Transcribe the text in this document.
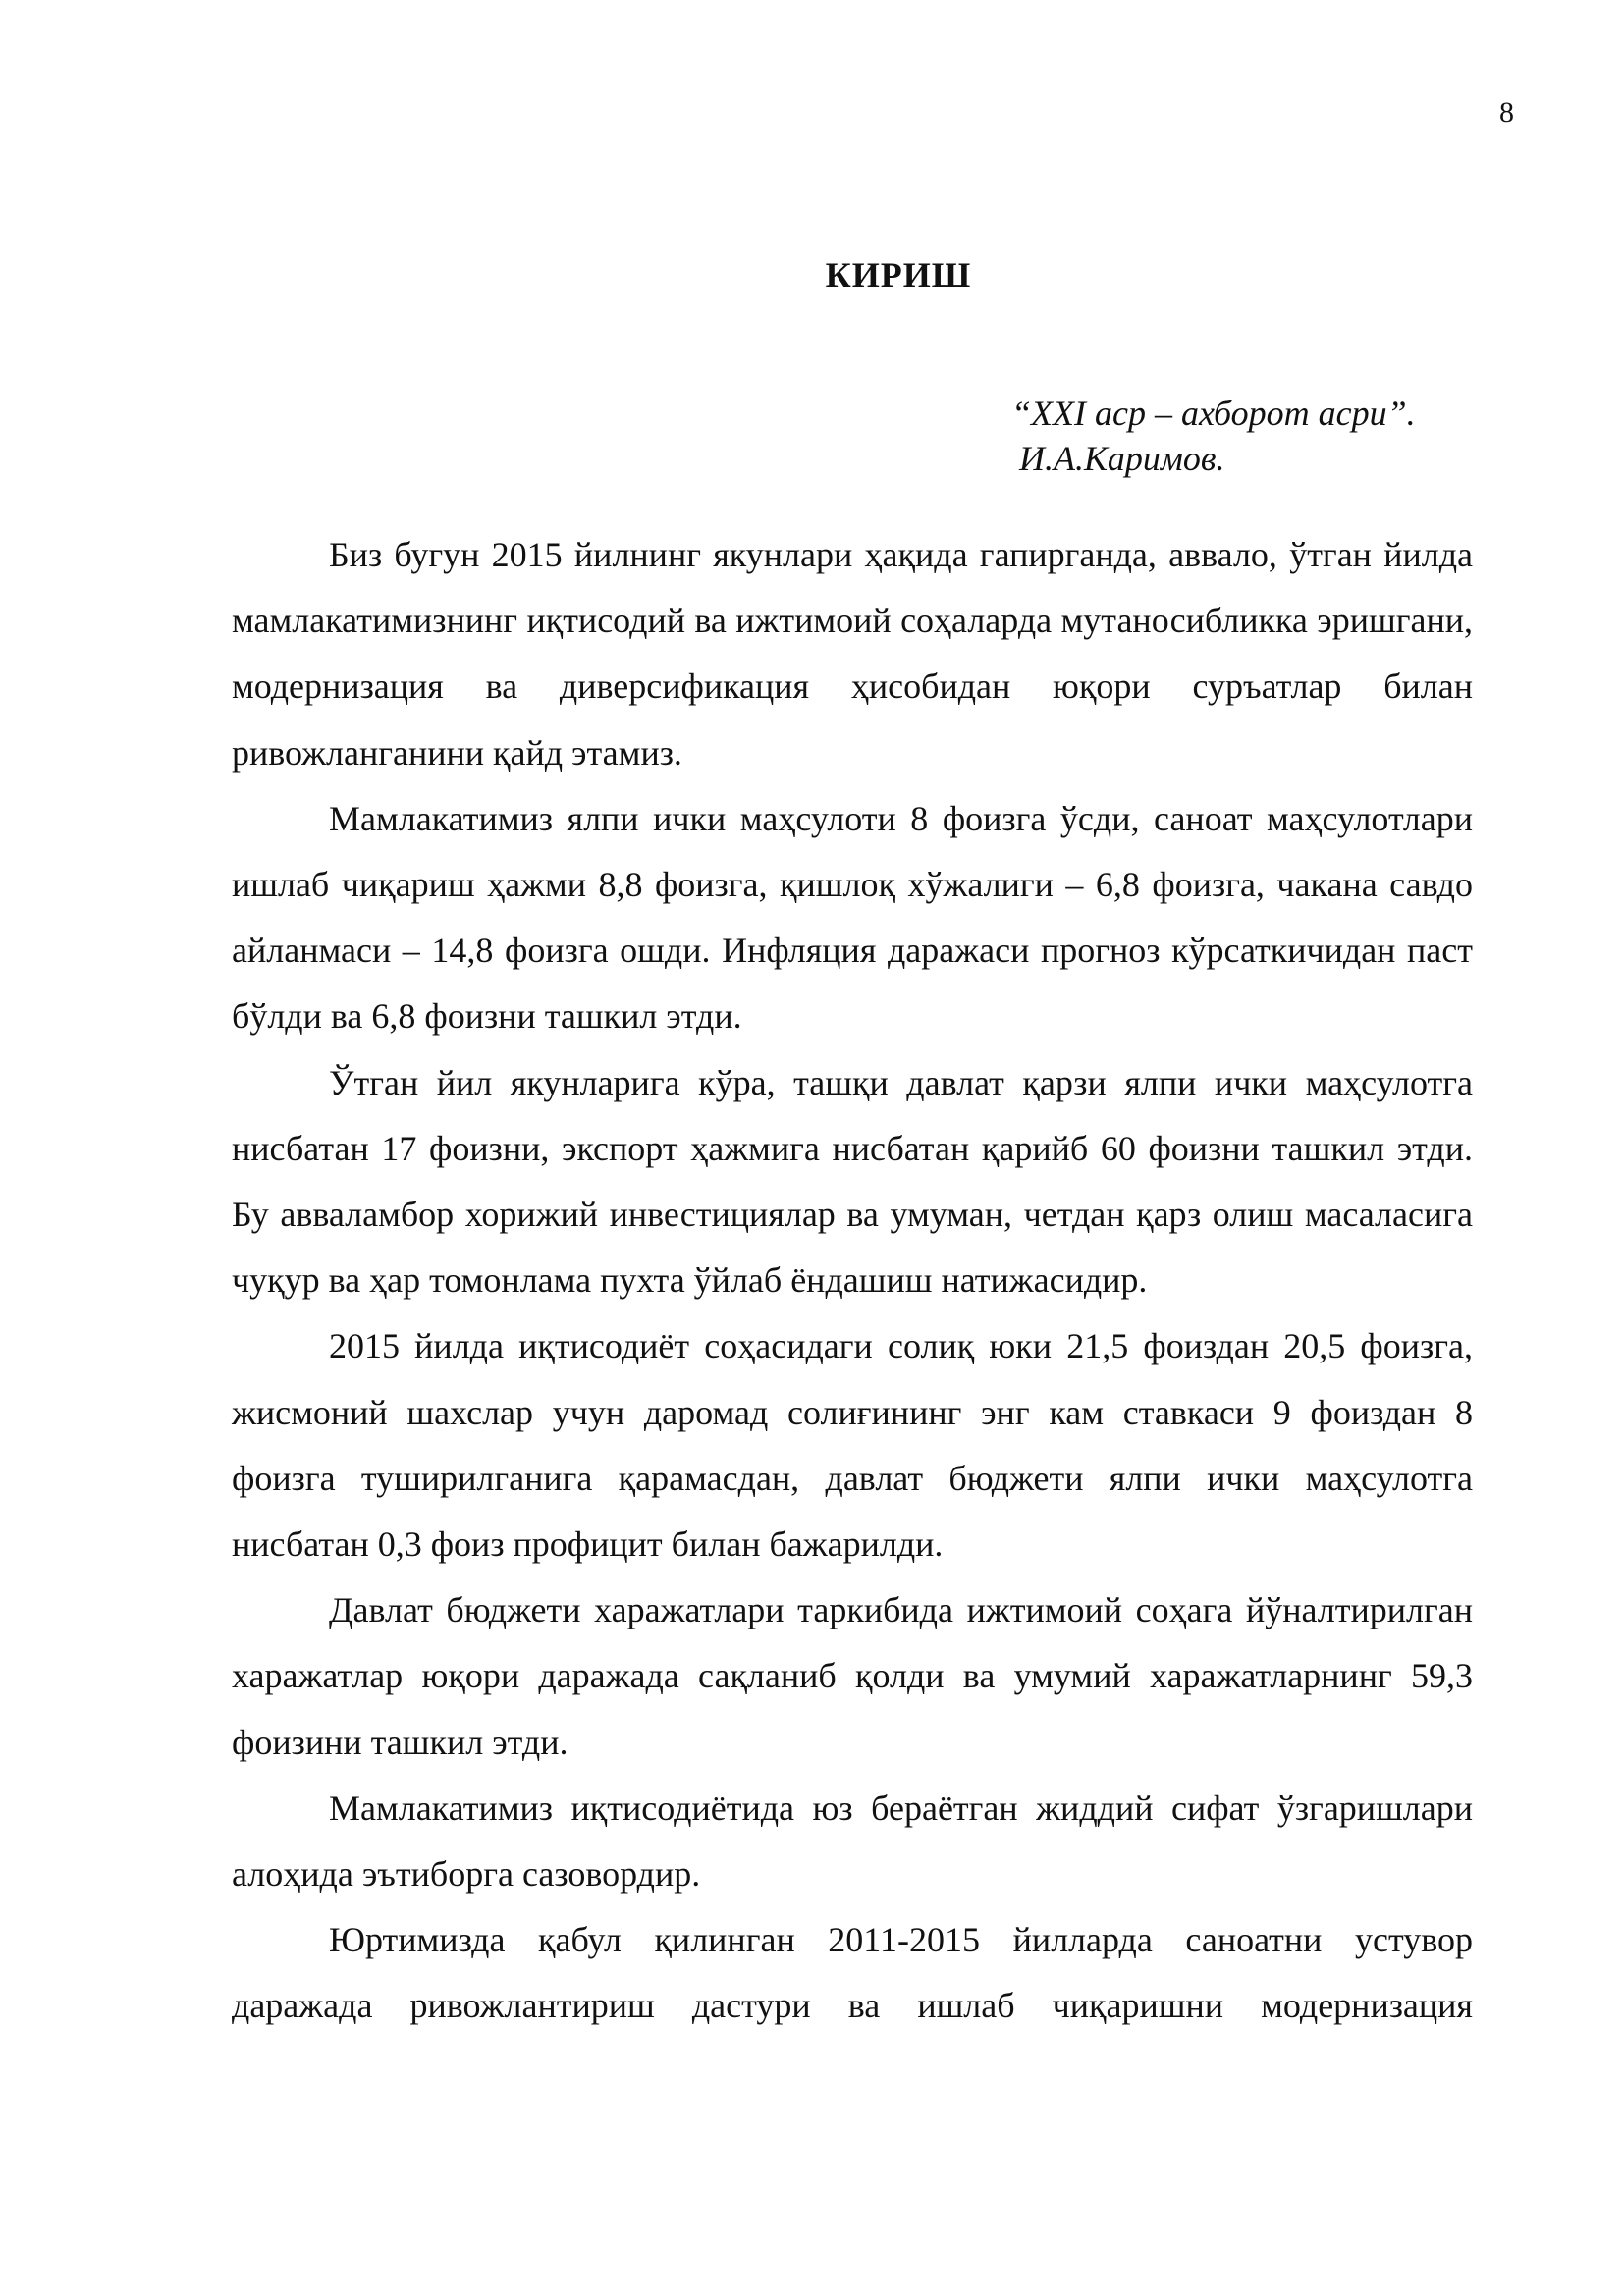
8
КИРИШ
“XXI аср – ахборот асри”.
И.А.Каримов.

Биз бугун 2015 йилнинг якунлари ҳақида гапирганда, аввало, ўтган йилда мамлакатимизнинг иқтисодий ва ижтимоий соҳаларда мутаносибликка эришгани, модернизация ва диверсификация ҳисобидан юқори суръатлар билан ривожланганини қайд этамиз.

Мамлакатимиз ялпи ички маҳсулоти 8 фоизга ўсди, саноат маҳсулотлари ишлаб чиқариш ҳажми 8,8 фоизга, қишлоқ хўжалиги – 6,8 фоизга, чакана савдо айланмаси – 14,8 фоизга ошди. Инфляция даражаси прогноз кўрсаткичидан паст бўлди ва 6,8 фоизни ташкил этди.

Ўтган йил якунларига кўра, ташқи давлат қарзи ялпи ички маҳсулотга нисбатан 17 фоизни, экспорт ҳажмига нисбатан қарийб 60 фоизни ташкил этди. Бу авваламбор хорижий инвестициялар ва умуман, четдан қарз олиш масаласига чуқур ва ҳар томонлама пухта ўйлаб ёндашиш натижасидир.

2015 йилда иқтисодиёт соҳасидаги солиқ юки 21,5 фоиздан 20,5 фоизга, жисмоний шахслар учун даромад солиғининг энг кам ставкаси 9 фоиздан 8 фоизга туширилганига қарамасдан, давлат бюджети ялпи ички маҳсулотга нисбатан 0,3 фоиз профицит билан бажарилди.

Давлат бюджети харажатлари таркибида ижтимоий соҳага йўналтирилган харажатлар юқори даражада сақланиб қолди ва умумий харажатларнинг 59,3 фоизини ташкил этди.

Мамлакатимиз иқтисодиётида юз бераётган жиддий сифат ўзгаришлари алоҳида эътиборга сазовордир.

Юртимизда қабул қилинган 2011-2015 йилларда саноатни устувор даражада ривожлантириш дастури ва ишлаб чиқаришни модернизация
